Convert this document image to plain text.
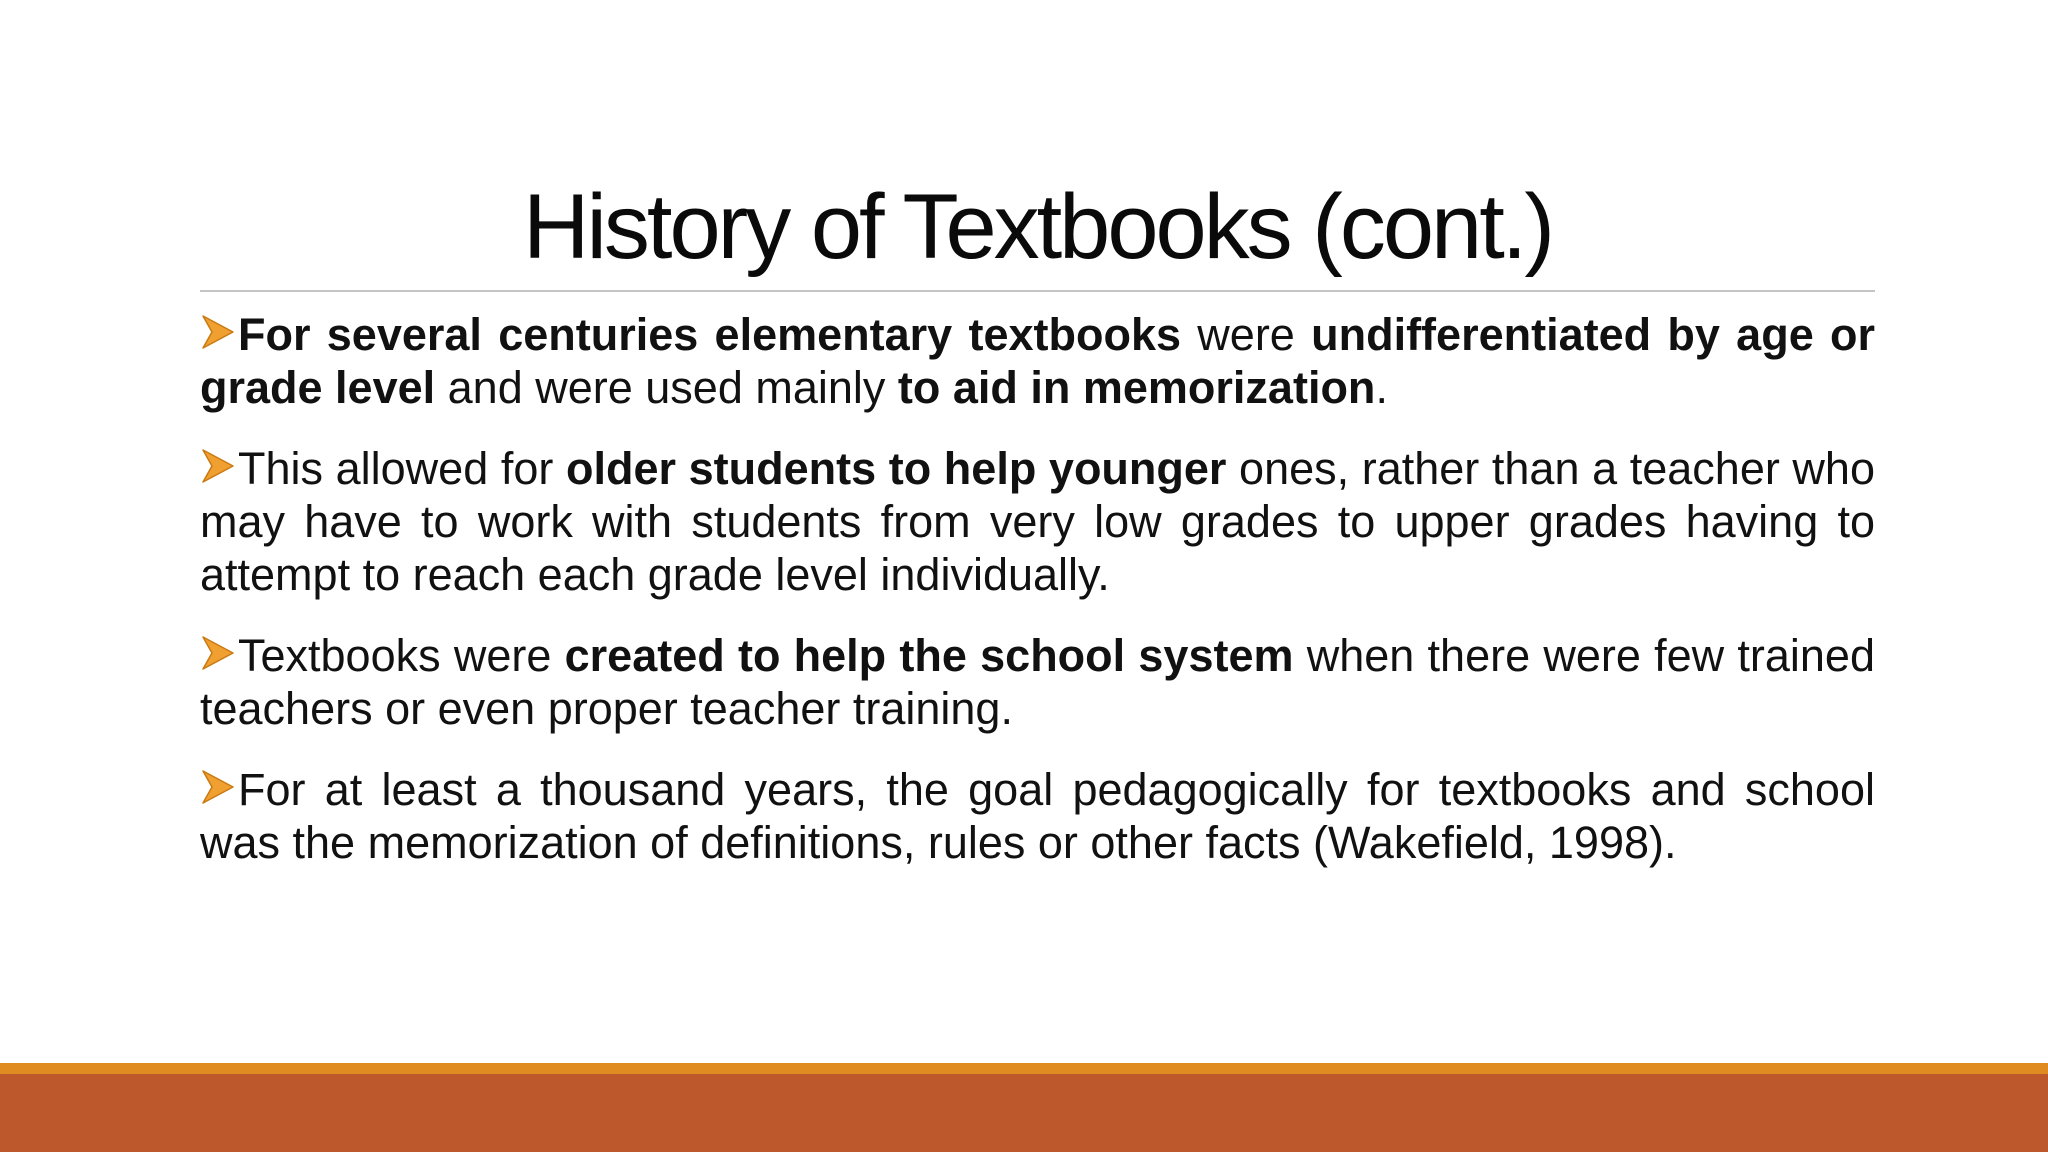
History of Textbooks (cont.)
For several centuries elementary textbooks were undifferentiated by age or grade level and were used mainly to aid in memorization.
This allowed for older students to help younger ones, rather than a teacher who may have to work with students from very low grades to upper grades having to attempt to reach each grade level individually.
Textbooks were created to help the school system when there were few trained teachers or even proper teacher training.
For at least a thousand years, the goal pedagogically for textbooks and school was the memorization of definitions, rules or other facts (Wakefield, 1998).
